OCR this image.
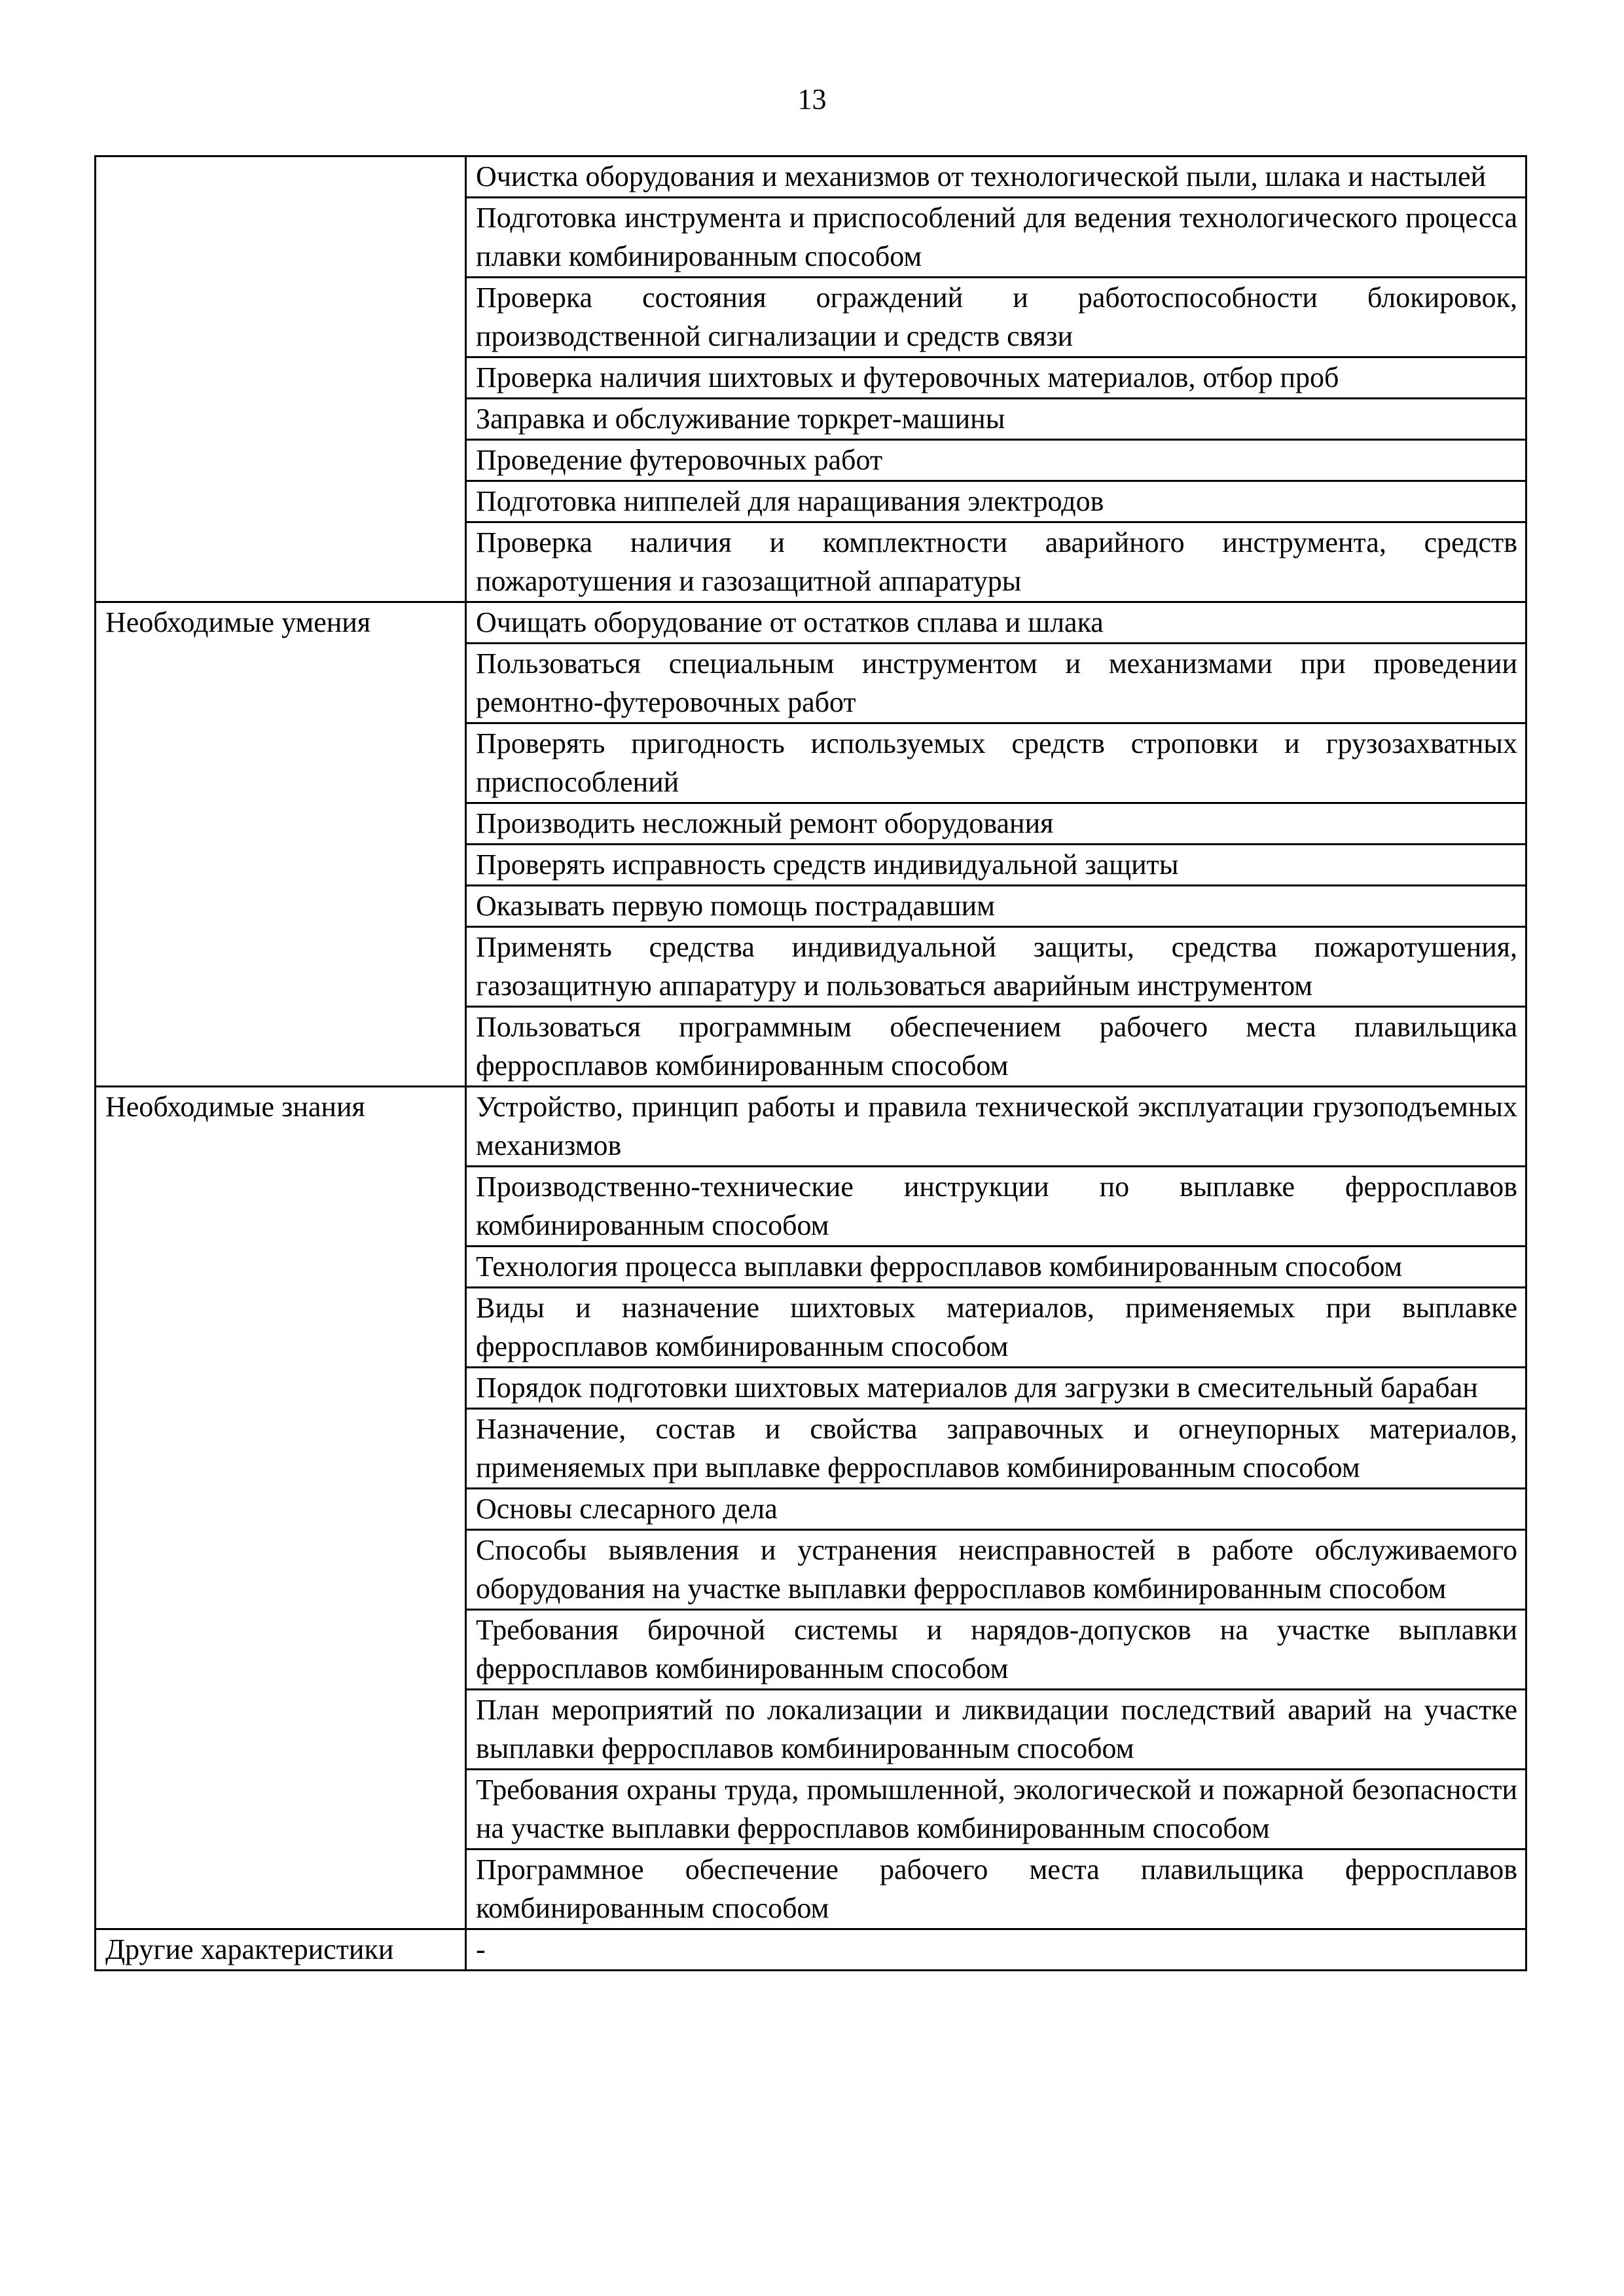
13
	Очистка оборудования и механизмов от технологической пыли, шлака и настылей
	Подготовка инструмента и приспособлений для ведения технологического процесса плавки комбинированным способом
	Проверка состояния ограждений и работоспособности блокировок, производственной сигнализации и средств связи
	Проверка наличия шихтовых и футеровочных материалов, отбор проб
	Заправка и обслуживание торкрет-машины
	Проведение футеровочных работ
	Подготовка ниппелей для наращивания электродов
	Проверка наличия и комплектности аварийного инструмента, средств пожаротушения и газозащитной аппаратуры
Необходимые умения	Очищать оборудование от остатков сплава и шлака
	Пользоваться специальным инструментом и механизмами при проведении ремонтно-футеровочных работ
	Проверять пригодность используемых средств строповки и грузозахватных приспособлений
	Производить несложный ремонт оборудования
	Проверять исправность средств индивидуальной защиты
	Оказывать первую помощь пострадавшим
	Применять средства индивидуальной защиты, средства пожаротушения, газозащитную аппаратуру и пользоваться аварийным инструментом
	Пользоваться программным обеспечением рабочего места плавильщика ферросплавов комбинированным способом
Необходимые знания	Устройство, принцип работы и правила технической эксплуатации грузоподъемных механизмов
	Производственно-технические инструкции по выплавке ферросплавов комбинированным способом
	Технология процесса выплавки ферросплавов комбинированным способом
	Виды и назначение шихтовых материалов, применяемых при выплавке ферросплавов комбинированным способом
	Порядок подготовки шихтовых материалов для загрузки в смесительный барабан
	Назначение, состав и свойства заправочных и огнеупорных материалов, применяемых при выплавке ферросплавов комбинированным способом
	Основы слесарного дела
	Способы выявления и устранения неисправностей в работе обслуживаемого оборудования на участке выплавки ферросплавов комбинированным способом
	Требования бирочной системы и нарядов-допусков на участке выплавки ферросплавов комбинированным способом
	План мероприятий по локализации и ликвидации последствий аварий на участке выплавки ферросплавов комбинированным способом
	Требования охраны труда, промышленной, экологической и пожарной безопасности на участке выплавки ферросплавов комбинированным способом
	Программное обеспечение рабочего места плавильщика ферросплавов комбинированным способом
Другие характеристики	-
